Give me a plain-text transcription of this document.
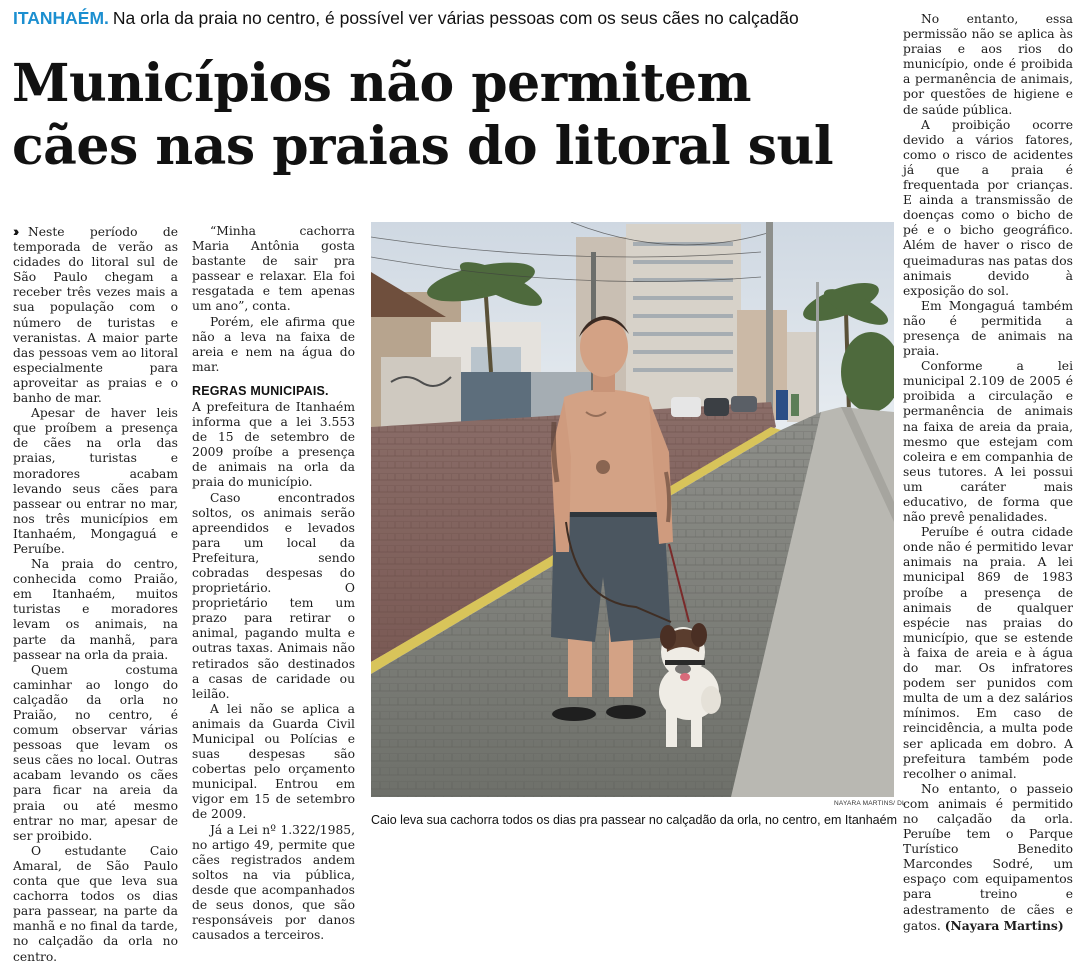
ITANHAÉM. Na orla da praia no centro, é possível ver várias pessoas com os seus cães no calçadão
Municípios não permitem
cães nas praias do litoral sul

›› Neste período de temporada de verão as cidades do litoral sul de São Paulo chegam a receber três vezes mais a sua população com o número de turistas e veranistas. A maior parte das pessoas vem ao litoral especialmente para aproveitar as praias e o banho de mar.

Apesar de haver leis que proíbem a presença de cães na orla das praias, turistas e moradores acabam levando seus cães para passear ou entrar no mar, nos três municípios em Itanhaém, Mongaguá e Peruíbe.

Na praia do centro, conhecida como Praião, em Itanhaém, muitos turistas e moradores levam os animais, na parte da manhã, para passear na orla da praia.

Quem costuma caminhar ao longo do calçadão da orla no Praião, no centro, é comum observar várias pessoas que levam os seus cães no local. Outras acabam levando os cães para ficar na areia da praia ou até mesmo entrar no mar, apesar de ser proibido.

O estudante Caio Amaral, de São Paulo conta que que leva sua cachorra todos os dias para passear, na parte da manhã e no final da tarde, no calçadão da orla no centro.

“Minha cachorra Maria Antônia gosta bastante de sair pra passear e relaxar. Ela foi resgatada e tem apenas um ano”, conta.

Porém, ele afirma que não a leva na faixa de areia e nem na água do mar.

REGRAS MUNICIPAIS.

A prefeitura de Itanhaém informa que a lei 3.553 de 15 de setembro de 2009 proíbe a presença de animais na orla da praia do município.

Caso encontrados soltos, os animais serão apreendidos e levados para um local da Prefeitura, sendo cobradas despesas do proprietário. O proprietário tem um prazo para retirar o animal, pagando multa e outras taxas. Animais não retirados são destinados a casas de caridade ou leilão.

A lei não se aplica a animais da Guarda Civil Municipal ou Polícias e suas despesas são cobertas pelo orçamento municipal. Entrou em vigor em 15 de setembro de 2009.

Já a Lei nº 1.322/1985, no artigo 49, permite que cães registrados andem soltos na via pública, desde que acompanhados de seus donos, que são responsáveis por danos causados a terceiros.

No entanto, essa permissão não se aplica às praias e aos rios do município, onde é proibida a permanência de animais, por questões de higiene e de saúde pública.

A proibição ocorre devido a vários fatores, como o risco de acidentes já que a praia é frequentada por crianças. E ainda a transmissão de doenças como o bicho de pé e o bicho geográfico. Além de haver o risco de queimaduras nas patas dos animais devido à exposição do sol.

Em Mongaguá também não é permitida a presença de animais na praia.

Conforme a lei municipal 2.109 de 2005 é proibida a circulação e permanência de animais na faixa de areia da praia, mesmo que estejam com coleira e em companhia de seus tutores. A lei possui um caráter mais educativo, de forma que não prevê penalidades.

Peruíbe é outra cidade onde não é permitido levar animais na praia. A lei municipal 869 de 1983 proíbe a presença de animais de qualquer espécie nas praias do município, que se estende à faixa de areia e à água do mar. Os infratores podem ser punidos com multa de um a dez salários mínimos. Em caso de reincidência, a multa pode ser aplicada em dobro. A prefeitura também pode recolher o animal.

No entanto, o passeio com animais é permitido no calçadão da orla. Peruíbe tem o Parque Turístico Benedito Marcondes Sodré, um espaço com equipamentos para treino e adestramento de cães e gatos. (Nayara Martins)

NAYARA MARTINS/ DL
Caio leva sua cachorra todos os dias pra passear no calçadão da orla, no centro, em Itanhaém
